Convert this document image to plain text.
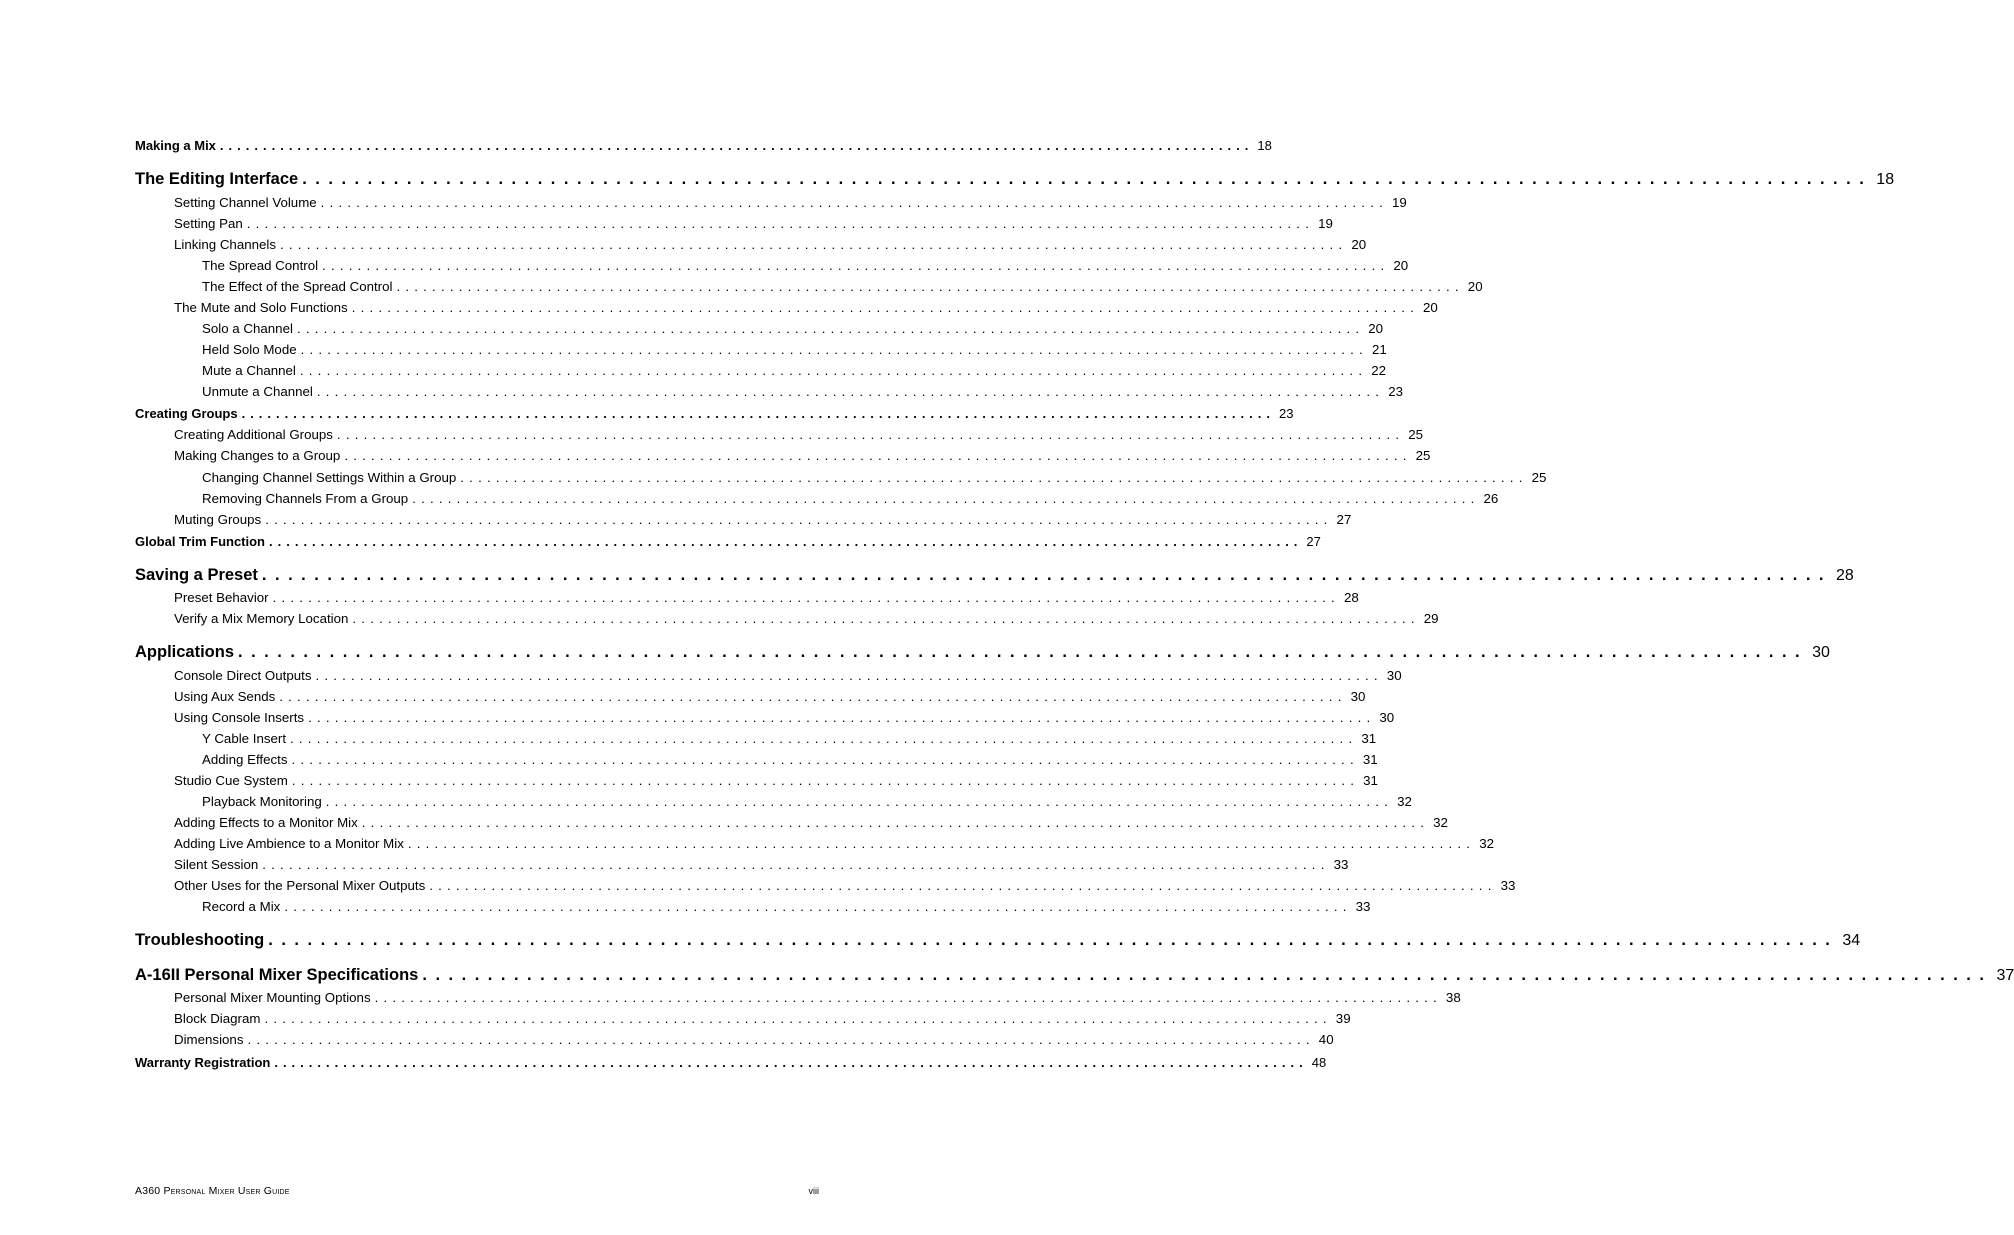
Making a Mix ........................................................................................................................ 18
The Editing Interface ........................................................................................................................ 18
Setting Channel Volume ........................................................................................................................ 19
Setting Pan ........................................................................................................................ 19
Linking Channels ........................................................................................................................ 20
The Spread Control ........................................................................................................................ 20
The Effect of the Spread Control ........................................................................................................................ 20
The Mute and Solo Functions ........................................................................................................................ 20
Solo a Channel ........................................................................................................................ 20
Held Solo Mode ........................................................................................................................ 21
Mute a Channel ........................................................................................................................ 22
Unmute a Channel ........................................................................................................................ 23
Creating Groups ........................................................................................................................ 23
Creating Additional Groups ........................................................................................................................ 25
Making Changes to a Group ........................................................................................................................ 25
Changing Channel Settings Within a Group ........................................................................................................................ 25
Removing Channels From a Group ........................................................................................................................ 26
Muting Groups ........................................................................................................................ 27
Global Trim Function ........................................................................................................................ 27
Saving a Preset ........................................................................................................................ 28
Preset Behavior ........................................................................................................................ 28
Verify a Mix Memory Location ........................................................................................................................ 29
Applications ........................................................................................................................ 30
Console Direct Outputs ........................................................................................................................ 30
Using Aux Sends ........................................................................................................................ 30
Using Console Inserts ........................................................................................................................ 30
Y Cable Insert ........................................................................................................................ 31
Adding Effects ........................................................................................................................ 31
Studio Cue System ........................................................................................................................ 31
Playback Monitoring ........................................................................................................................ 32
Adding Effects to a Monitor Mix ........................................................................................................................ 32
Adding Live Ambience to a Monitor Mix ........................................................................................................................ 32
Silent Session ........................................................................................................................ 33
Other Uses for the Personal Mixer Outputs ........................................................................................................................ 33
Record a Mix ........................................................................................................................ 33
Troubleshooting ........................................................................................................................ 34
A-16II Personal Mixer Specifications ........................................................................................................................ 37
Personal Mixer Mounting Options ........................................................................................................................ 38
Block Diagram ........................................................................................................................ 39
Dimensions ........................................................................................................................ 40
Warranty Registration ........................................................................................................................ 48
A360 Personal Mixer User Guide	viii
